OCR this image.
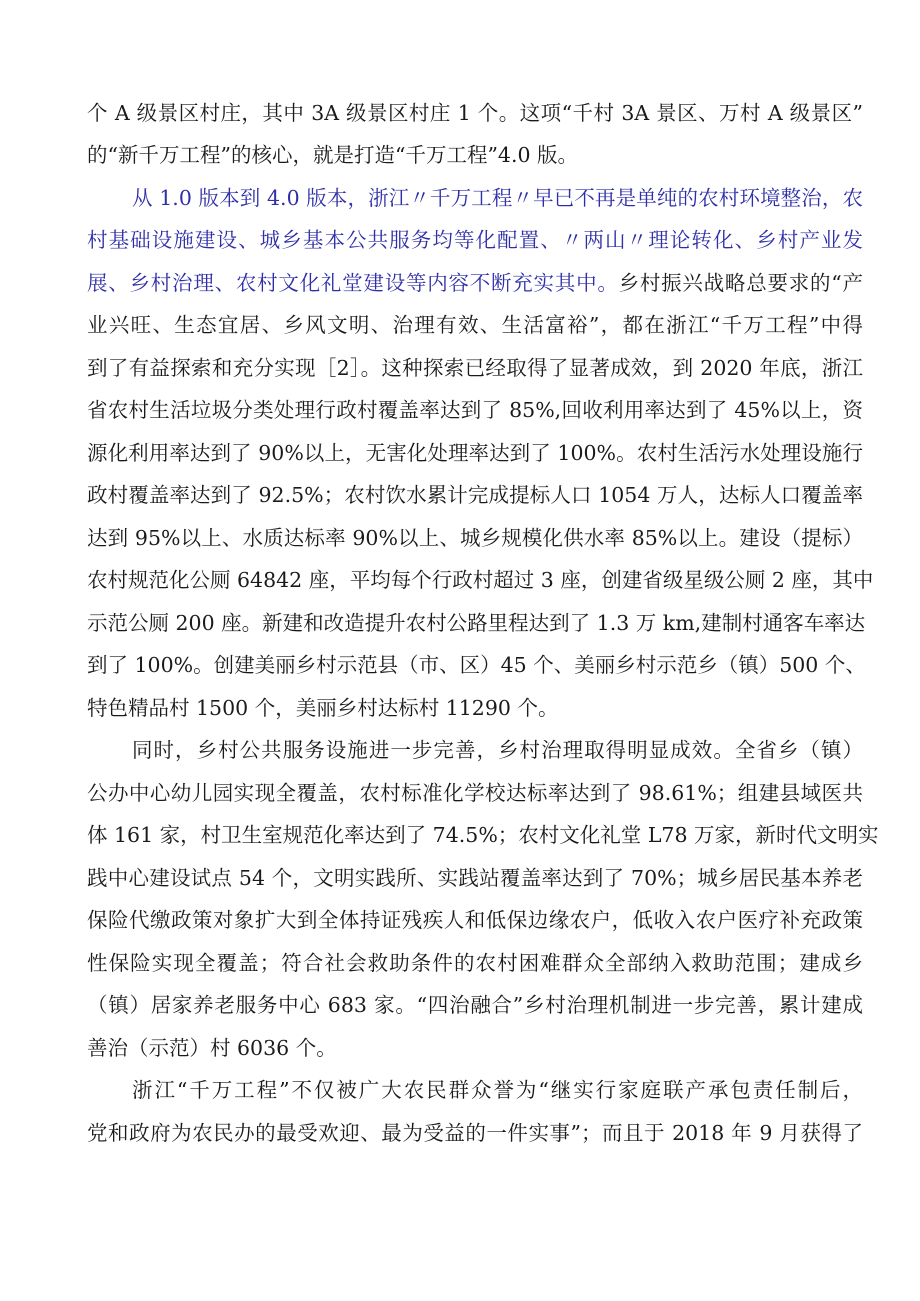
个 A 级景区村庄，其中 3A 级景区村庄 1 个。这项“千村 3A 景区、万村 A 级景区”
的“新千万工程”的核心，就是打造“千万工程”4.0 版。
从 1.0 版本到 4.0 版本，浙江〃千万工程〃早已不再是单纯的农村环境整治，农
村基础设施建设、城乡基本公共服务均等化配置、〃两山〃理论转化、乡村产业发
展、乡村治理、农村文化礼堂建设等内容不断充实其中。乡村振兴战略总要求的“产
业兴旺、生态宜居、乡风文明、治理有效、生活富裕”，都在浙江“千万工程”中得
到了有益探索和充分实现［2］。这种探索已经取得了显著成效，到 2020 年底，浙江
省农村生活垃圾分类处理行政村覆盖率达到了 85%,回收利用率达到了 45%以上，资
源化利用率达到了 90%以上，无害化处理率达到了 100%。农村生活污水处理设施行
政村覆盖率达到了 92.5%；农村饮水累计完成提标人口 1054 万人，达标人口覆盖率
达到 95%以上、水质达标率 90%以上、城乡规模化供水率 85%以上。建设（提标）
农村规范化公厕 64842 座，平均每个行政村超过 3 座，创建省级星级公厕 2 座，其中
示范公厕 200 座。新建和改造提升农村公路里程达到了 1.3 万 km,建制村通客车率达
到了 100%。创建美丽乡村示范县（市、区）45 个、美丽乡村示范乡（镇）500 个、
特色精品村 1500 个，美丽乡村达标村 11290 个。
同时，乡村公共服务设施进一步完善，乡村治理取得明显成效。全省乡（镇）
公办中心幼儿园实现全覆盖，农村标准化学校达标率达到了 98.61%；组建县域医共
体 161 家，村卫生室规范化率达到了 74.5%；农村文化礼堂 L78 万家，新时代文明实
践中心建设试点 54 个，文明实践所、实践站覆盖率达到了 70%；城乡居民基本养老
保险代缴政策对象扩大到全体持证残疾人和低保边缘农户，低收入农户医疗补充政策
性保险实现全覆盖；符合社会救助条件的农村困难群众全部纳入救助范围；建成乡
（镇）居家养老服务中心 683 家。“四治融合”乡村治理机制进一步完善，累计建成
善治（示范）村 6036 个。
浙江“千万工程”不仅被广大农民群众誉为“继实行家庭联产承包责任制后，
党和政府为农民办的最受欢迎、最为受益的一件实事”；而且于 2018 年 9 月获得了
